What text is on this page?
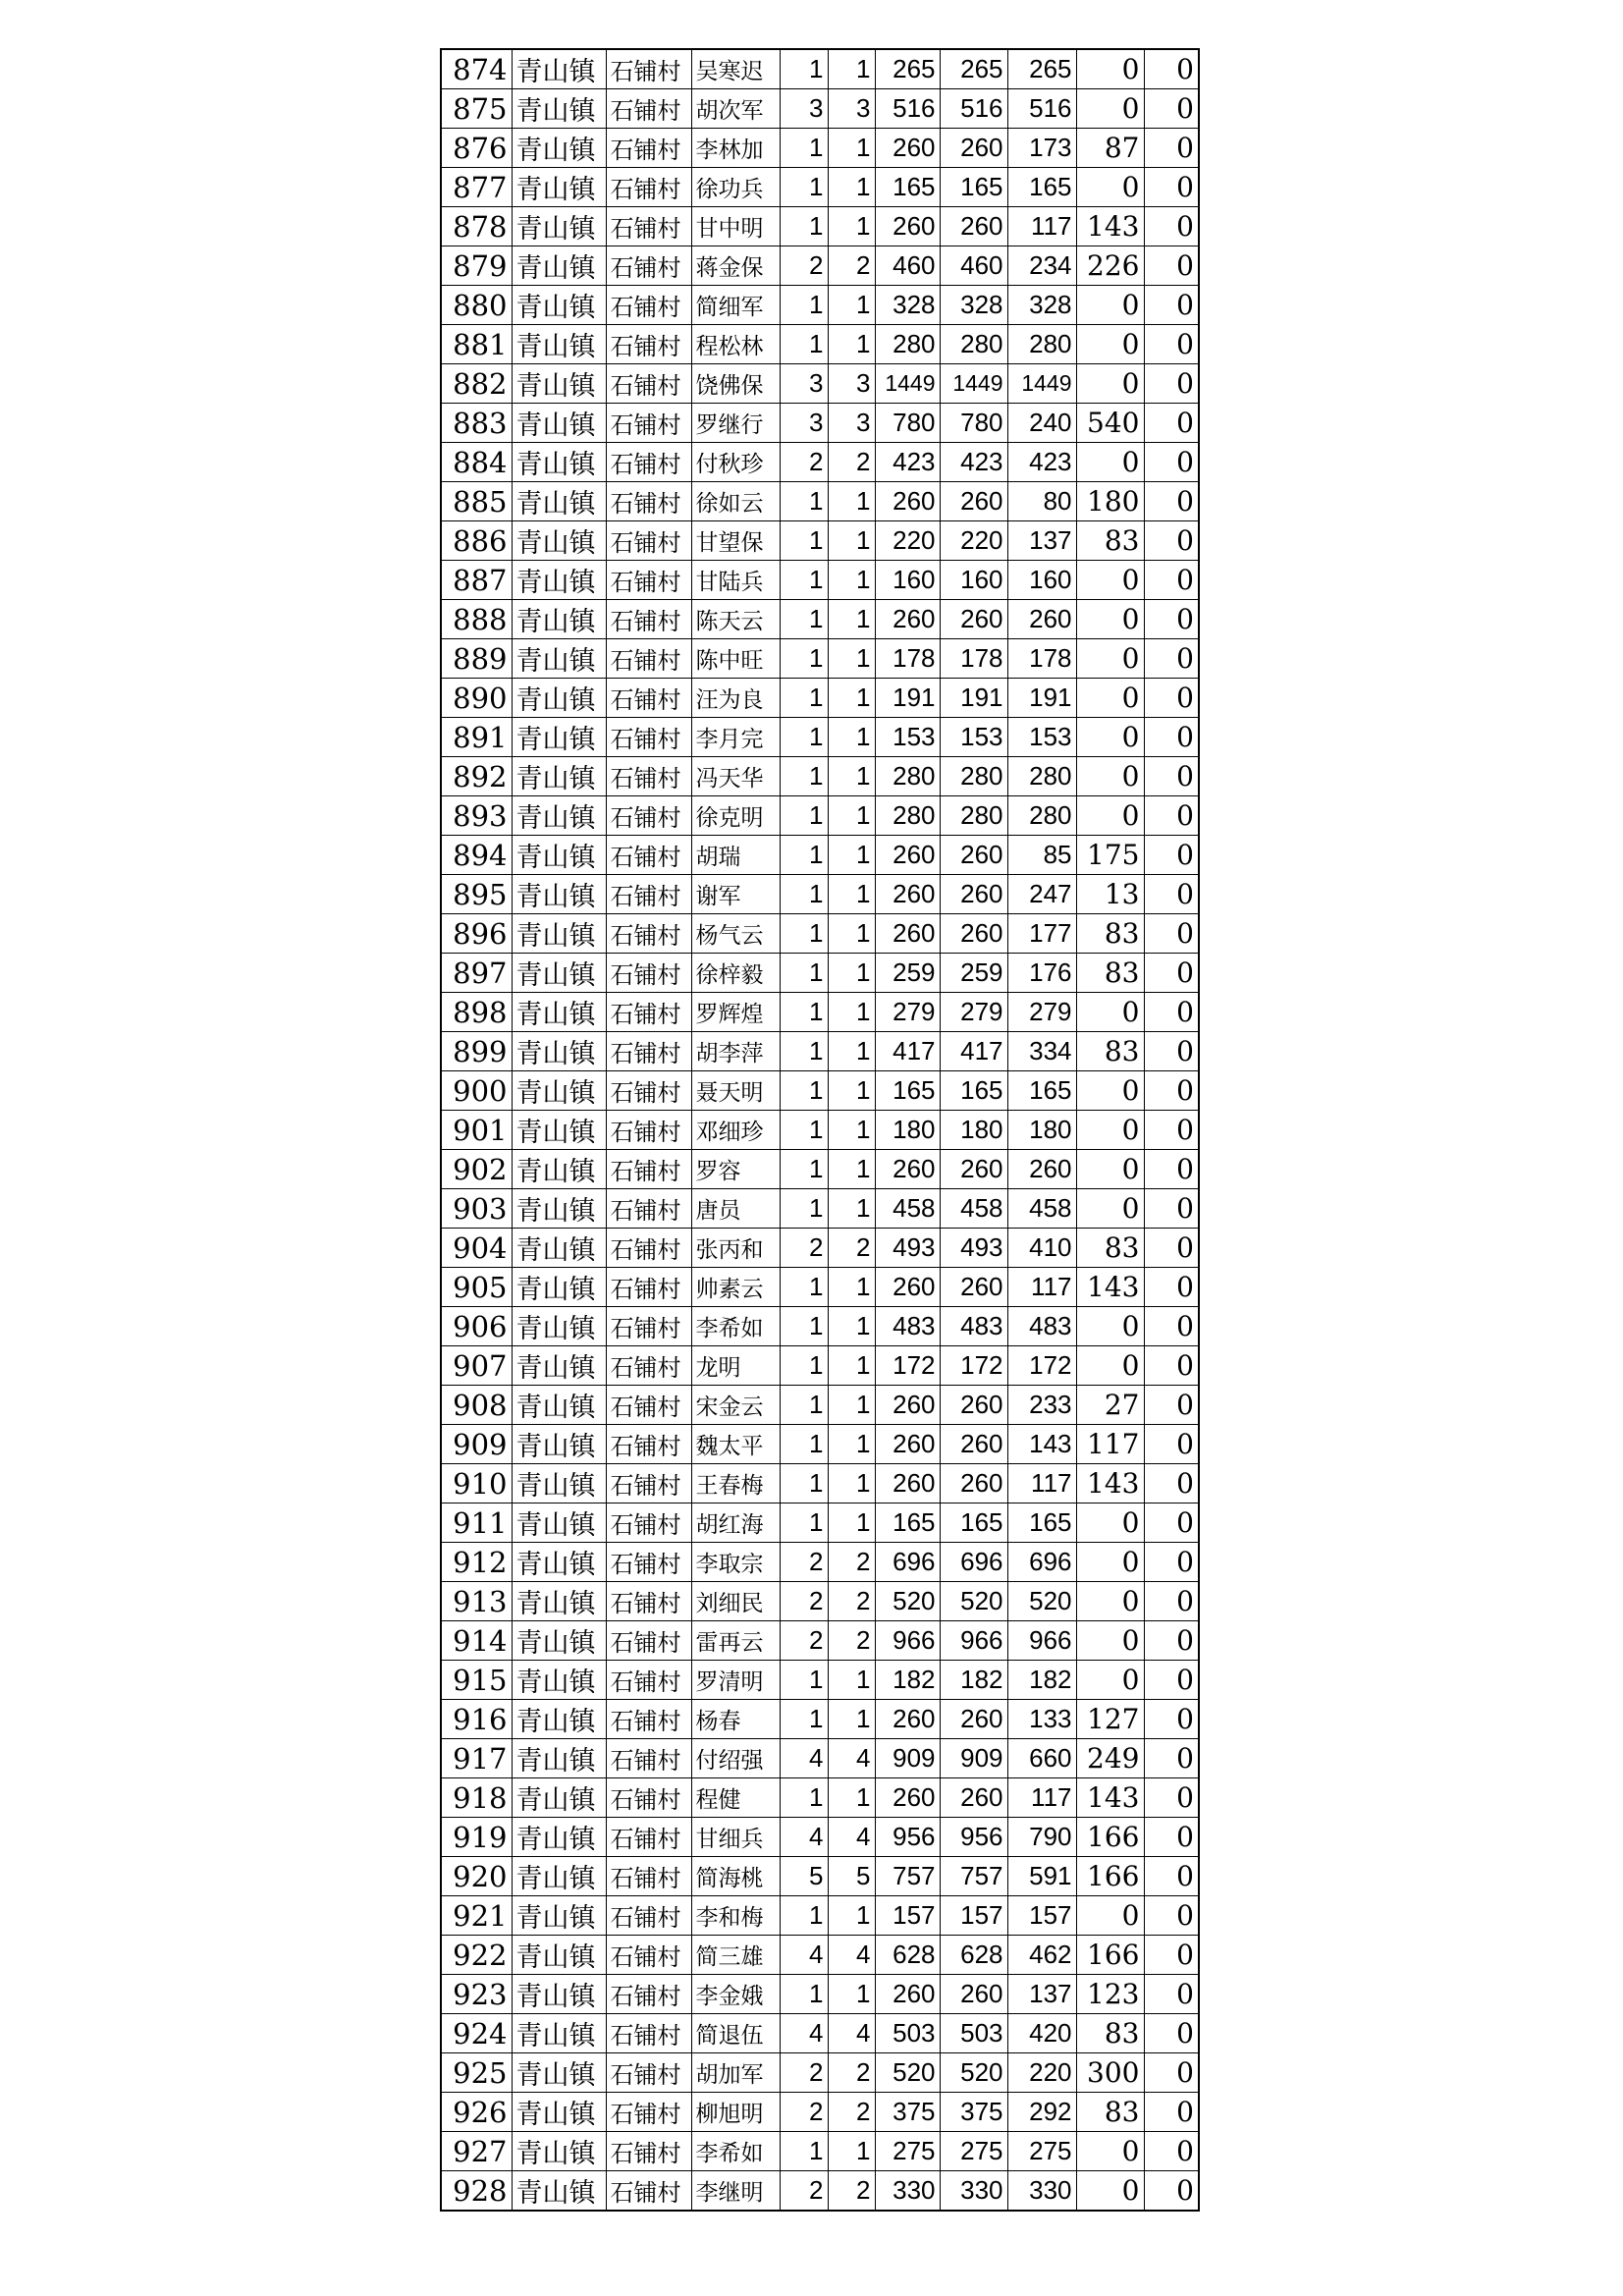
874	青山镇	石铺村	吴寒迟	1	1	265	265	265	0	0
875	青山镇	石铺村	胡次军	3	3	516	516	516	0	0
876	青山镇	石铺村	李林加	1	1	260	260	173	87	0
877	青山镇	石铺村	徐功兵	1	1	165	165	165	0	0
878	青山镇	石铺村	甘中明	1	1	260	260	117	143	0
879	青山镇	石铺村	蒋金保	2	2	460	460	234	226	0
880	青山镇	石铺村	简细军	1	1	328	328	328	0	0
881	青山镇	石铺村	程松林	1	1	280	280	280	0	0
882	青山镇	石铺村	饶佛保	3	3	1449	1449	1449	0	0
883	青山镇	石铺村	罗继行	3	3	780	780	240	540	0
884	青山镇	石铺村	付秋珍	2	2	423	423	423	0	0
885	青山镇	石铺村	徐如云	1	1	260	260	80	180	0
886	青山镇	石铺村	甘望保	1	1	220	220	137	83	0
887	青山镇	石铺村	甘陆兵	1	1	160	160	160	0	0
888	青山镇	石铺村	陈天云	1	1	260	260	260	0	0
889	青山镇	石铺村	陈中旺	1	1	178	178	178	0	0
890	青山镇	石铺村	汪为良	1	1	191	191	191	0	0
891	青山镇	石铺村	李月完	1	1	153	153	153	0	0
892	青山镇	石铺村	冯天华	1	1	280	280	280	0	0
893	青山镇	石铺村	徐克明	1	1	280	280	280	0	0
894	青山镇	石铺村	胡瑞	1	1	260	260	85	175	0
895	青山镇	石铺村	谢军	1	1	260	260	247	13	0
896	青山镇	石铺村	杨气云	1	1	260	260	177	83	0
897	青山镇	石铺村	徐梓毅	1	1	259	259	176	83	0
898	青山镇	石铺村	罗辉煌	1	1	279	279	279	0	0
899	青山镇	石铺村	胡李萍	1	1	417	417	334	83	0
900	青山镇	石铺村	聂天明	1	1	165	165	165	0	0
901	青山镇	石铺村	邓细珍	1	1	180	180	180	0	0
902	青山镇	石铺村	罗容	1	1	260	260	260	0	0
903	青山镇	石铺村	唐员	1	1	458	458	458	0	0
904	青山镇	石铺村	张丙和	2	2	493	493	410	83	0
905	青山镇	石铺村	帅素云	1	1	260	260	117	143	0
906	青山镇	石铺村	李希如	1	1	483	483	483	0	0
907	青山镇	石铺村	龙明	1	1	172	172	172	0	0
908	青山镇	石铺村	宋金云	1	1	260	260	233	27	0
909	青山镇	石铺村	魏太平	1	1	260	260	143	117	0
910	青山镇	石铺村	王春梅	1	1	260	260	117	143	0
911	青山镇	石铺村	胡红海	1	1	165	165	165	0	0
912	青山镇	石铺村	李取宗	2	2	696	696	696	0	0
913	青山镇	石铺村	刘细民	2	2	520	520	520	0	0
914	青山镇	石铺村	雷再云	2	2	966	966	966	0	0
915	青山镇	石铺村	罗清明	1	1	182	182	182	0	0
916	青山镇	石铺村	杨春	1	1	260	260	133	127	0
917	青山镇	石铺村	付绍强	4	4	909	909	660	249	0
918	青山镇	石铺村	程健	1	1	260	260	117	143	0
919	青山镇	石铺村	甘细兵	4	4	956	956	790	166	0
920	青山镇	石铺村	简海桃	5	5	757	757	591	166	0
921	青山镇	石铺村	李和梅	1	1	157	157	157	0	0
922	青山镇	石铺村	简三雄	4	4	628	628	462	166	0
923	青山镇	石铺村	李金娥	1	1	260	260	137	123	0
924	青山镇	石铺村	简退伍	4	4	503	503	420	83	0
925	青山镇	石铺村	胡加军	2	2	520	520	220	300	0
926	青山镇	石铺村	柳旭明	2	2	375	375	292	83	0
927	青山镇	石铺村	李希如	1	1	275	275	275	0	0
928	青山镇	石铺村	李继明	2	2	330	330	330	0	0
